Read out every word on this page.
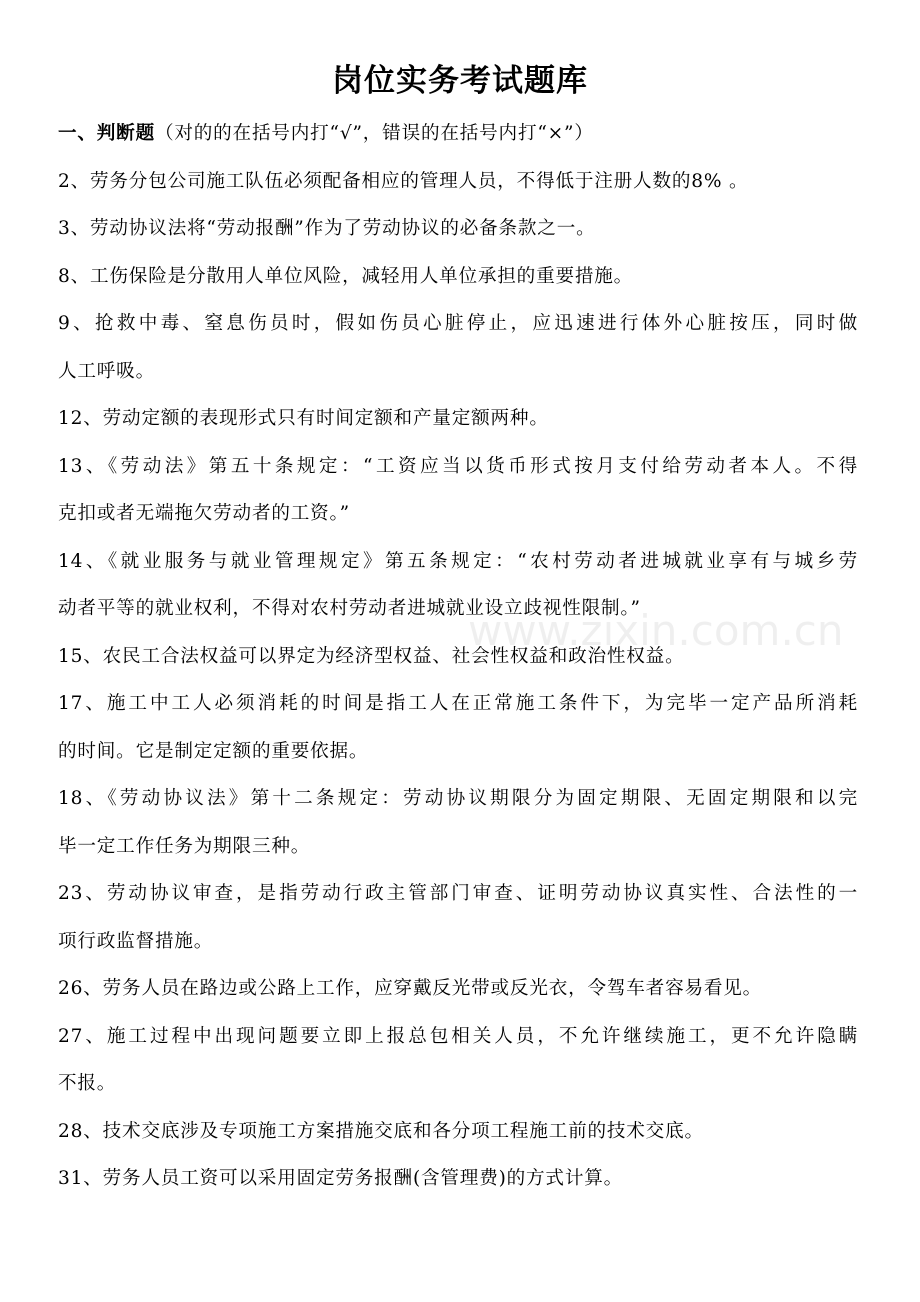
岗位实务考试题库
一、判断题（对的的在括号内打“√”，错误的在括号内打“×”）
2、劳务分包公司施工队伍必须配备相应的管理人员，不得低于注册人数的8% 。
3、劳动协议法将“劳动报酬”作为了劳动协议的必备条款之一。
8、工伤保险是分散用人单位风险，减轻用人单位承担的重要措施。
9、抢救中毒、窒息伤员时，假如伤员心脏停止，应迅速进行体外心脏按压，同时做
人工呼吸。
12、劳动定额的表现形式只有时间定额和产量定额两种。
13、《劳动法》第五十条规定：“工资应当以货币形式按月支付给劳动者本人。不得
克扣或者无端拖欠劳动者的工资。”
14、《就业服务与就业管理规定》第五条规定：“农村劳动者进城就业享有与城乡劳
动者平等的就业权利，不得对农村劳动者进城就业设立歧视性限制。”
15、农民工合法权益可以界定为经济型权益、社会性权益和政治性权益。
17、施工中工人必须消耗的时间是指工人在正常施工条件下，为完毕一定产品所消耗
的时间。它是制定定额的重要依据。
18、《劳动协议法》第十二条规定：劳动协议期限分为固定期限、无固定期限和以完
毕一定工作任务为期限三种。
23、劳动协议审查，是指劳动行政主管部门审查、证明劳动协议真实性、合法性的一
项行政监督措施。
26、劳务人员在路边或公路上工作，应穿戴反光带或反光衣，令驾车者容易看见。
27、施工过程中出现问题要立即上报总包相关人员，不允许继续施工，更不允许隐瞒
不报。
28、技术交底涉及专项施工方案措施交底和各分项工程施工前的技术交底。
31、劳务人员工资可以采用固定劳务报酬(含管理费)的方式计算。
www.zixin.com.cn
